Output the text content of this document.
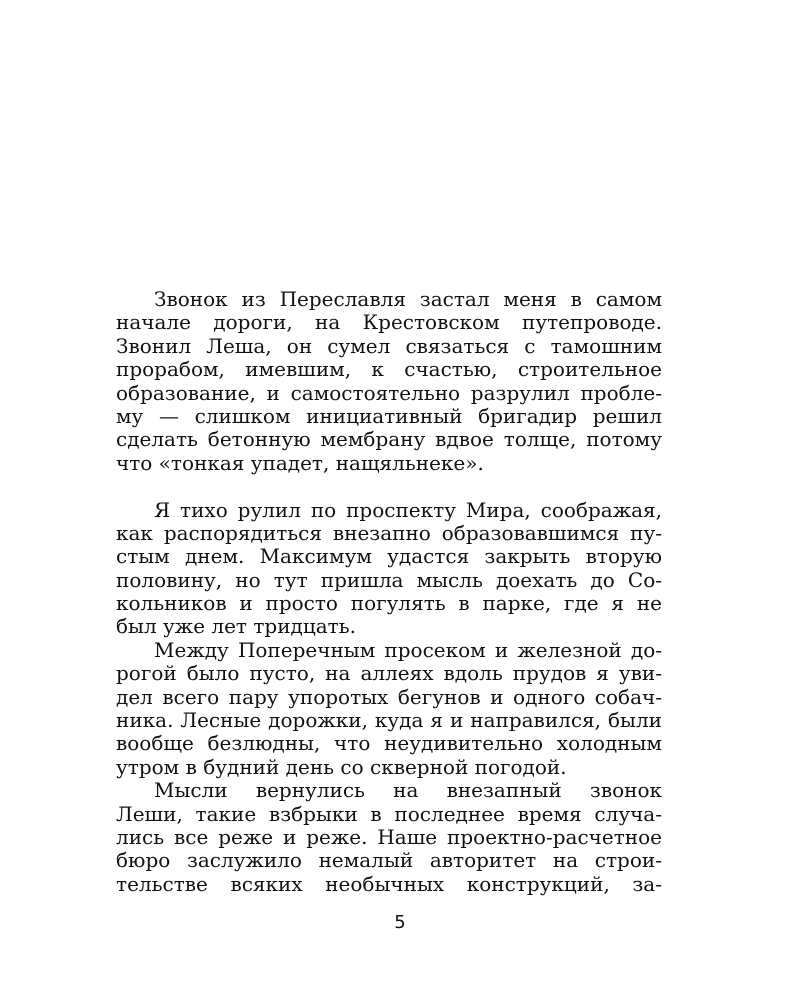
Звонок из Переславля застал меня в самом
начале дороги, на Крестовском путепроводе.
Звонил Леша, он сумел связаться с тамошним
прорабом, имевшим, к счастью, строительное
образование, и самостоятельно разрулил пробле-
му — слишком инициативный бригадир решил
сделать бетонную мембрану вдвое толще, потому
что «тонкая упадет, нащяльнеке».
Я тихо рулил по проспекту Мира, соображая,
как распорядиться внезапно образовавшимся пу-
стым днем. Максимум удастся закрыть вторую
половину, но тут пришла мысль доехать до Со-
кольников и просто погулять в парке, где я не
был уже лет тридцать.
Между Поперечным просеком и железной до-
рогой было пусто, на аллеях вдоль прудов я уви-
дел всего пару упоротых бегунов и одного собач-
ника. Лесные дорожки, куда я и направился, были
вообще безлюдны, что неудивительно холодным
утром в будний день со скверной погодой.
Мысли вернулись на внезапный звонок
Леши, такие взбрыки в последнее время случа-
лись все реже и реже. Наше проектно-расчетное
бюро заслужило немалый авторитет на строи-
тельстве всяких необычных конструкций, за-
5
